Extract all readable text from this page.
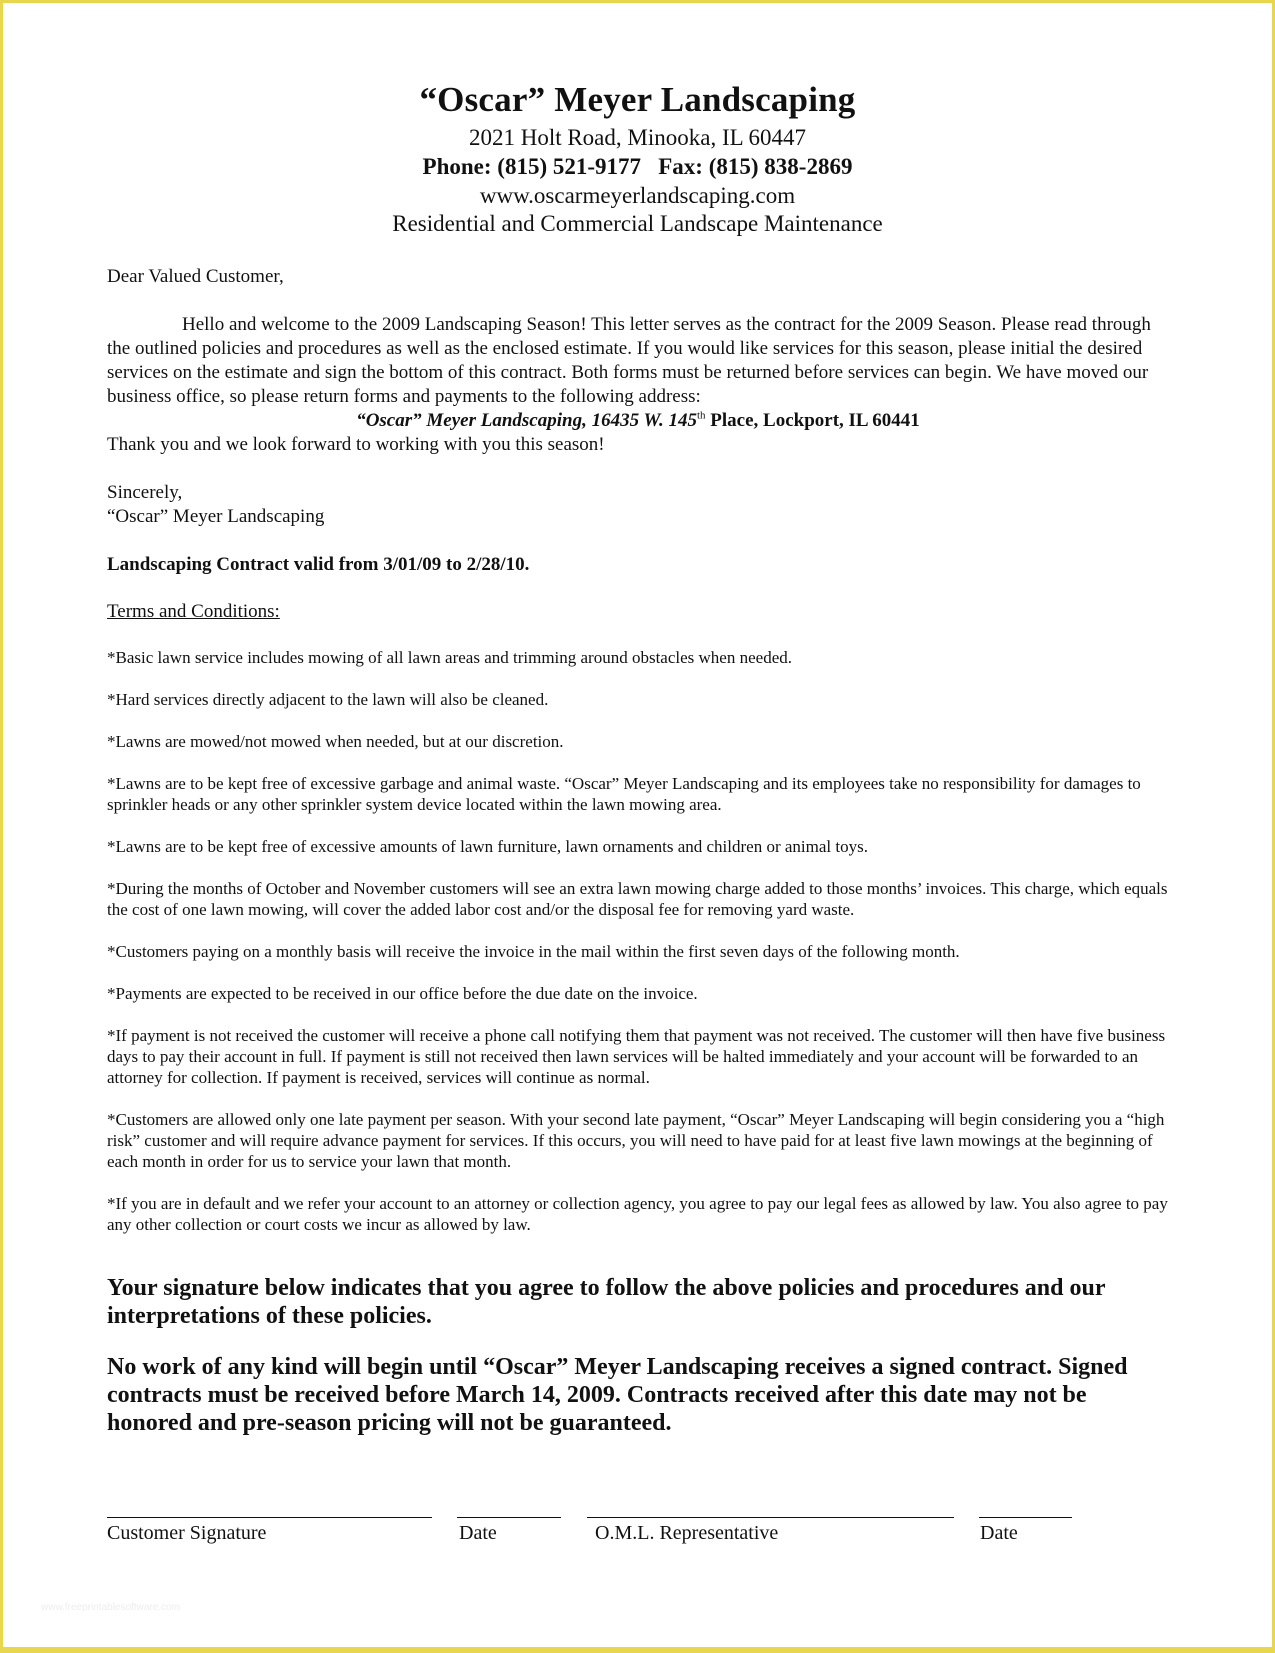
“Oscar” Meyer Landscaping
2021 Holt Road, Minooka, IL 60447
Phone: (815) 521-9177   Fax: (815) 838-2869
www.oscarmeyerlandscaping.com
Residential and Commercial Landscape Maintenance
Dear Valued Customer,
Hello and welcome to the 2009 Landscaping Season! This letter serves as the contract for the 2009 Season. Please read through the outlined policies and procedures as well as the enclosed estimate. If you would like services for this season, please initial the desired services on the estimate and sign the bottom of this contract. Both forms must be returned before services can begin. We have moved our business office, so please return forms and payments to the following address:
“Oscar” Meyer Landscaping, 16435 W. 145th Place, Lockport, IL 60441
Thank you and we look forward to working with you this season!
Sincerely,
“Oscar” Meyer Landscaping
Landscaping Contract valid from 3/01/09 to 2/28/10.
Terms and Conditions:

*Basic lawn service includes mowing of all lawn areas and trimming around obstacles when needed.

*Hard services directly adjacent to the lawn will also be cleaned.

*Lawns are mowed/not mowed when needed, but at our discretion.

*Lawns are to be kept free of excessive garbage and animal waste. “Oscar” Meyer Landscaping and its employees take no responsibility for damages to sprinkler heads or any other sprinkler system device located within the lawn mowing area.

*Lawns are to be kept free of excessive amounts of lawn furniture, lawn ornaments and children or animal toys.

*During the months of October and November customers will see an extra lawn mowing charge added to those months’ invoices. This charge, which equals the cost of one lawn mowing, will cover the added labor cost and/or the disposal fee for removing yard waste.

*Customers paying on a monthly basis will receive the invoice in the mail within the first seven days of the following month.

*Payments are expected to be received in our office before the due date on the invoice.

*If payment is not received the customer will receive a phone call notifying them that payment was not received. The customer will then have five business days to pay their account in full. If payment is still not received then lawn services will be halted immediately and your account will be forwarded to an attorney for collection. If payment is received, services will continue as normal.

*Customers are allowed only one late payment per season. With your second late payment, “Oscar” Meyer Landscaping will begin considering you a “high risk” customer and will require advance payment for services. If this occurs, you will need to have paid for at least five lawn mowings at the beginning of each month in order for us to service your lawn that month.

*If you are in default and we refer your account to an attorney or collection agency, you agree to pay our legal fees as allowed by law. You also agree to pay any other collection or court costs we incur as allowed by law.

Your signature below indicates that you agree to follow the above policies and procedures and our interpretations of these policies.
No work of any kind will begin until “Oscar” Meyer Landscaping receives a signed contract. Signed contracts must be received before March 14, 2009. Contracts received after this date may not be honored and pre-season pricing will not be guaranteed.
Customer Signature	Date	O.M.L. Representative	Date
www.freeprintablesoftware.com
